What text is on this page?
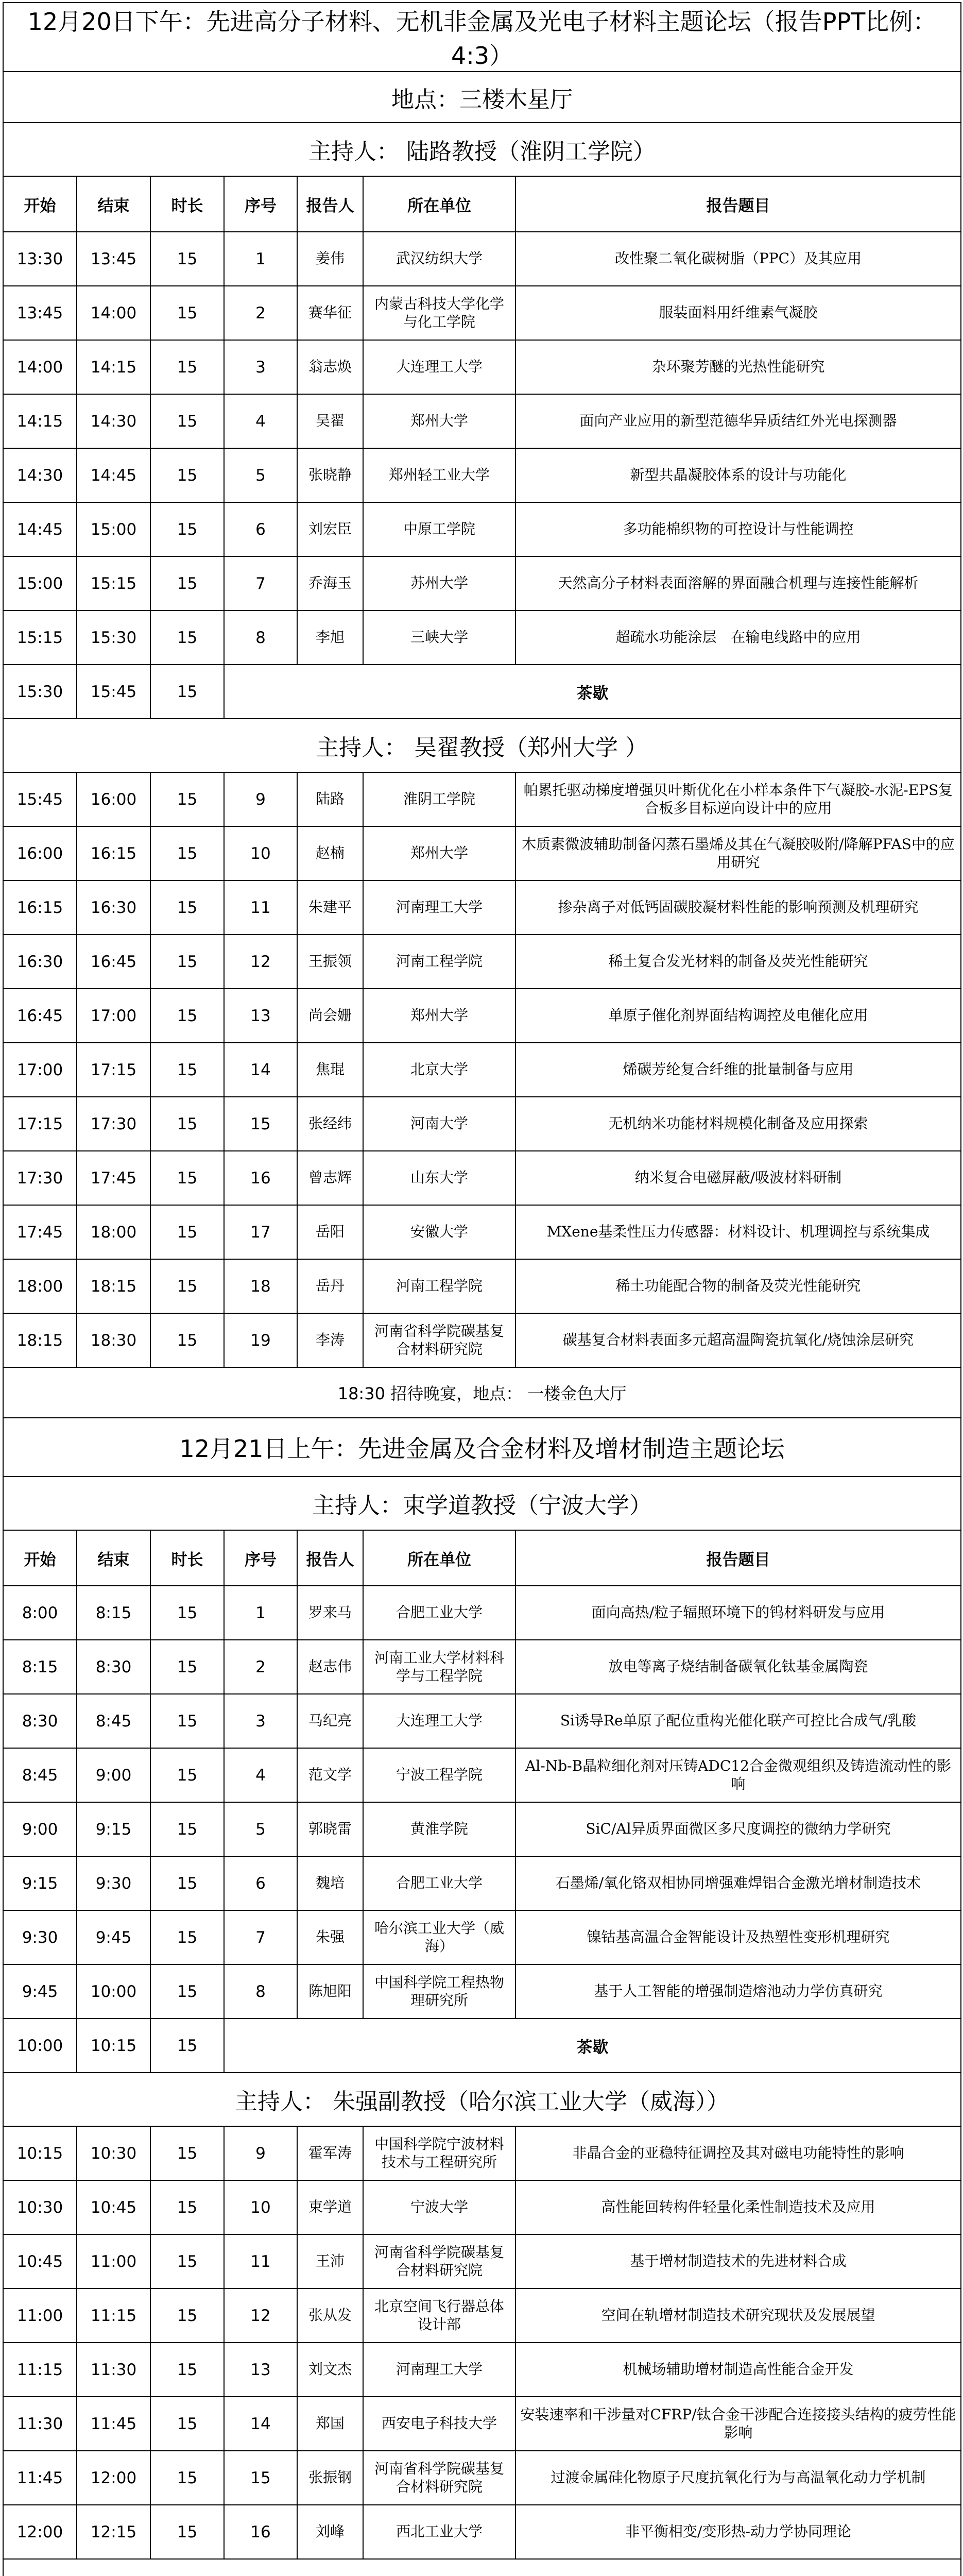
12月20日下午：先进高分子材料、无机非金属及光电子材料主题论坛（报告PPT比例：4:3）						
地点：三楼木星厅						
主持人： 陆路教授（淮阴工学院）						
开始	结束	时长	序号	报告人	所在单位	报告题目
13:30	13:45	15	1	姜伟	武汉纺织大学	改性聚二氧化碳树脂（PPC）及其应用
13:45	14:00	15	2	赛华征	内蒙古科技大学化学与化工学院	服装面料用纤维素气凝胶
14:00	14:15	15	3	翁志焕	大连理工大学	杂环聚芳醚的光热性能研究
14:15	14:30	15	4	吴翟	郑州大学	面向产业应用的新型范德华异质结红外光电探测器
14:30	14:45	15	5	张晓静	郑州轻工业大学	新型共晶凝胶体系的设计与功能化
14:45	15:00	15	6	刘宏臣	中原工学院	多功能棉织物的可控设计与性能调控
15:00	15:15	15	7	乔海玉	苏州大学	天然高分子材料表面溶解的界面融合机理与连接性能解析
15:15	15:30	15	8	李旭	三峡大学	超疏水功能涂层　在输电线路中的应用
15:30	15:45	15	茶歇			
主持人： 吴翟教授（郑州大学 ）						
15:45	16:00	15	9	陆路	淮阴工学院	帕累托驱动梯度增强贝叶斯优化在小样本条件下气凝胶-水泥-EPS复合板多目标逆向设计中的应用
16:00	16:15	15	10	赵楠	郑州大学	木质素微波辅助制备闪蒸石墨烯及其在气凝胶吸附/降解PFAS中的应用研究
16:15	16:30	15	11	朱建平	河南理工大学	掺杂离子对低钙固碳胶凝材料性能的影响预测及机理研究
16:30	16:45	15	12	王振领	河南工程学院	稀土复合发光材料的制备及荧光性能研究
16:45	17:00	15	13	尚会姗	郑州大学	单原子催化剂界面结构调控及电催化应用
17:00	17:15	15	14	焦琨	北京大学	烯碳芳纶复合纤维的批量制备与应用
17:15	17:30	15	15	张经纬	河南大学	无机纳米功能材料规模化制备及应用探索
17:30	17:45	15	16	曾志辉	山东大学	纳米复合电磁屏蔽/吸波材料研制
17:45	18:00	15	17	岳阳	安徽大学	MXene基柔性压力传感器：材料设计、机理调控与系统集成
18:00	18:15	15	18	岳丹	河南工程学院	稀土功能配合物的制备及荧光性能研究
18:15	18:30	15	19	李涛	河南省科学院碳基复合材料研究院	碳基复合材料表面多元超高温陶瓷抗氧化/烧蚀涂层研究
18:30 招待晚宴，地点： 一楼金色大厅						
12月21日上午：先进金属及合金材料及增材制造主题论坛						
主持人：束学道教授（宁波大学）						
开始	结束	时长	序号	报告人	所在单位	报告题目
8:00	8:15	15	1	罗来马	合肥工业大学	面向高热/粒子辐照环境下的钨材料研发与应用
8:15	8:30	15	2	赵志伟	河南工业大学材料科学与工程学院	放电等离子烧结制备碳氧化钛基金属陶瓷
8:30	8:45	15	3	马纪亮	大连理工大学	Si诱导Re单原子配位重构光催化联产可控比合成气/乳酸
8:45	9:00	15	4	范文学	宁波工程学院	Al-Nb-B晶粒细化剂对压铸ADC12合金微观组织及铸造流动性的影响
9:00	9:15	15	5	郭晓雷	黄淮学院	SiC/Al异质界面微区多尺度调控的微纳力学研究
9:15	9:30	15	6	魏培	合肥工业大学	石墨烯/氧化铬双相协同增强难焊铝合金激光增材制造技术
9:30	9:45	15	7	朱强	哈尔滨工业大学（威海）	镍钴基高温合金智能设计及热塑性变形机理研究
9:45	10:00	15	8	陈旭阳	中国科学院工程热物理研究所	基于人工智能的增强制造熔池动力学仿真研究
10:00	10:15	15	茶歇			
主持人： 朱强副教授（哈尔滨工业大学（威海））						
10:15	10:30	15	9	霍军涛	中国科学院宁波材料技术与工程研究所	非晶合金的亚稳特征调控及其对磁电功能特性的影响
10:30	10:45	15	10	束学道	宁波大学	高性能回转构件轻量化柔性制造技术及应用
10:45	11:00	15	11	王沛	河南省科学院碳基复合材料研究院	基于增材制造技术的先进材料合成
11:00	11:15	15	12	张从发	北京空间飞行器总体设计部	空间在轨增材制造技术研究现状及发展展望
11:15	11:30	15	13	刘文杰	河南理工大学	机械场辅助增材制造高性能合金开发
11:30	11:45	15	14	郑国	西安电子科技大学	安装速率和干涉量对CFRP/钛合金干涉配合连接接头结构的疲劳性能影响
11:45	12:00	15	15	张振钢	河南省科学院碳基复合材料研究院	过渡金属硅化物原子尺度抗氧化行为与高温氧化动力学机制
12:00	12:15	15	16	刘峰	西北工业大学	非平衡相变/变形热-动力学协同理论
